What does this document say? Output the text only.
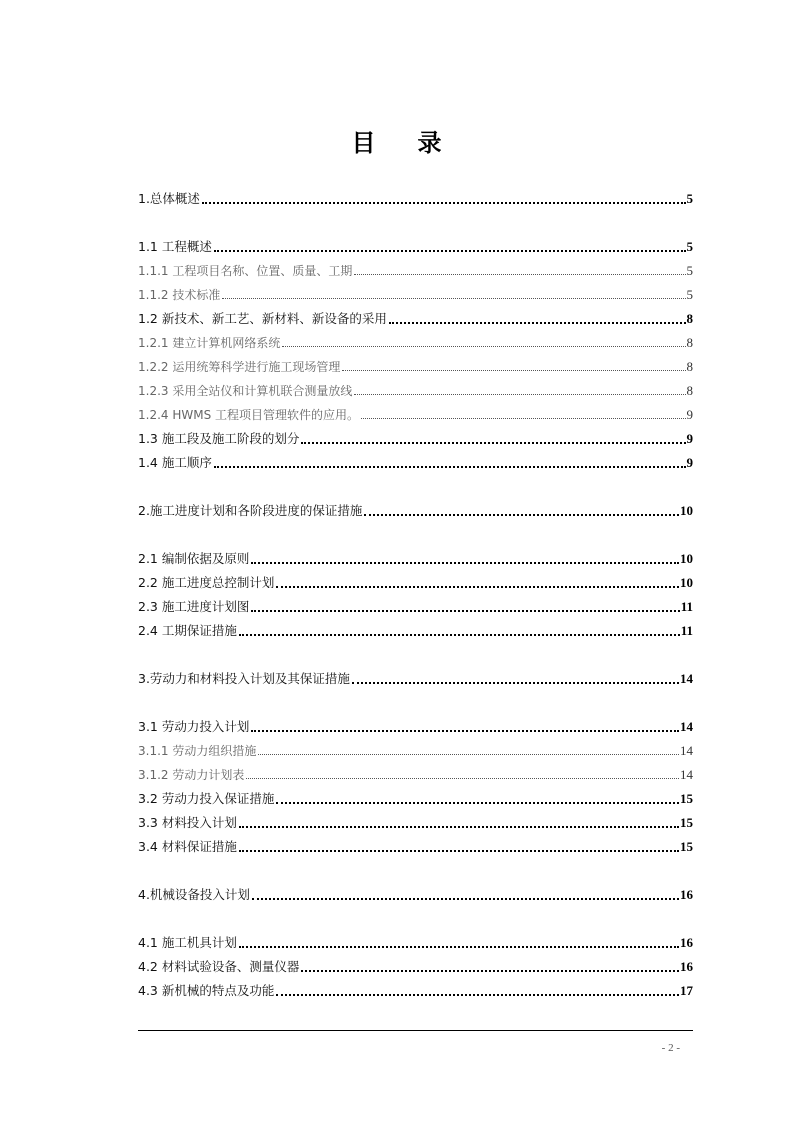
目录
1.总体概述	5
1.1 工程概述	5
1.1.1 工程项目名称、位置、质量、工期	5
1.1.2 技术标准	5
1.2 新技术、新工艺、新材料、新设备的采用	8
1.2.1 建立计算机网络系统	8
1.2.2 运用统筹科学进行施工现场管理	8
1.2.3 采用全站仪和计算机联合测量放线	8
1.2.4 HWMS 工程项目管理软件的应用。	9
1.3 施工段及施工阶段的划分	9
1.4 施工顺序	9
2.施工进度计划和各阶段进度的保证措施	10
2.1 编制依据及原则	10
2.2 施工进度总控制计划	10
2.3 施工进度计划图	11
2.4 工期保证措施	11
3.劳动力和材料投入计划及其保证措施	14
3.1 劳动力投入计划	14
3.1.1 劳动力组织措施	14
3.1.2 劳动力计划表	14
3.2 劳动力投入保证措施	15
3.3 材料投入计划	15
3.4 材料保证措施	15
4.机械设备投入计划	16
4.1 施工机具计划	16
4.2 材料试验设备、测量仪器	16
4.3 新机械的特点及功能	17
- 2 -
